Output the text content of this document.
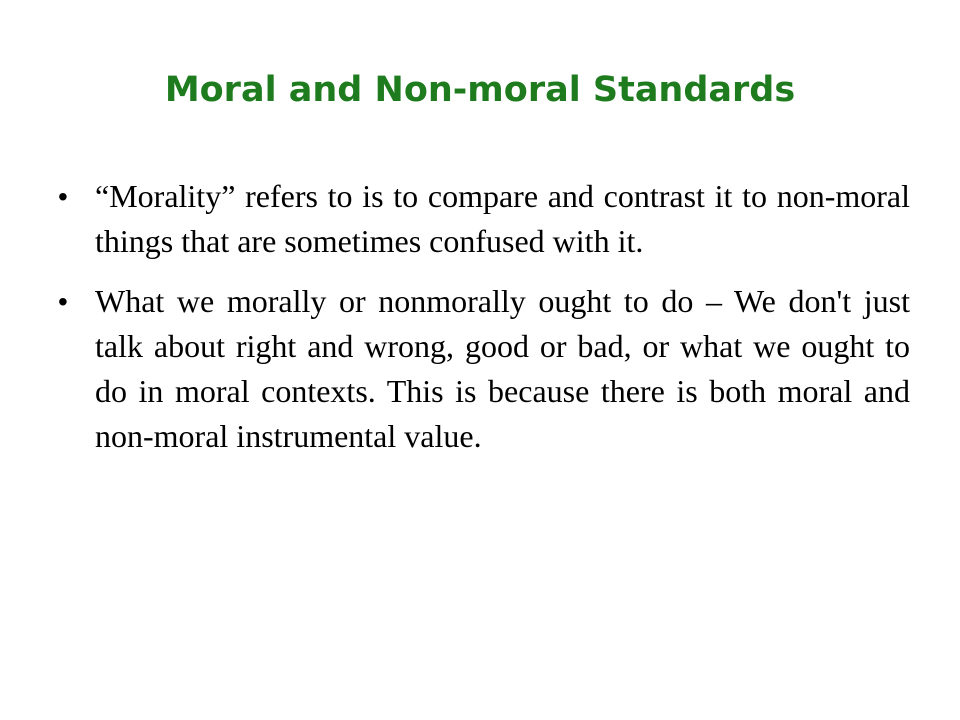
Moral and Non-moral Standards
• “Morality” refers to is to compare and contrast it to non-moral things that are sometimes confused with it.
• What we morally or nonmorally ought to do – We don't just talk about right and wrong, good or bad, or what we ought to do in moral contexts. This is because there is both moral and non-moral instrumental value.
